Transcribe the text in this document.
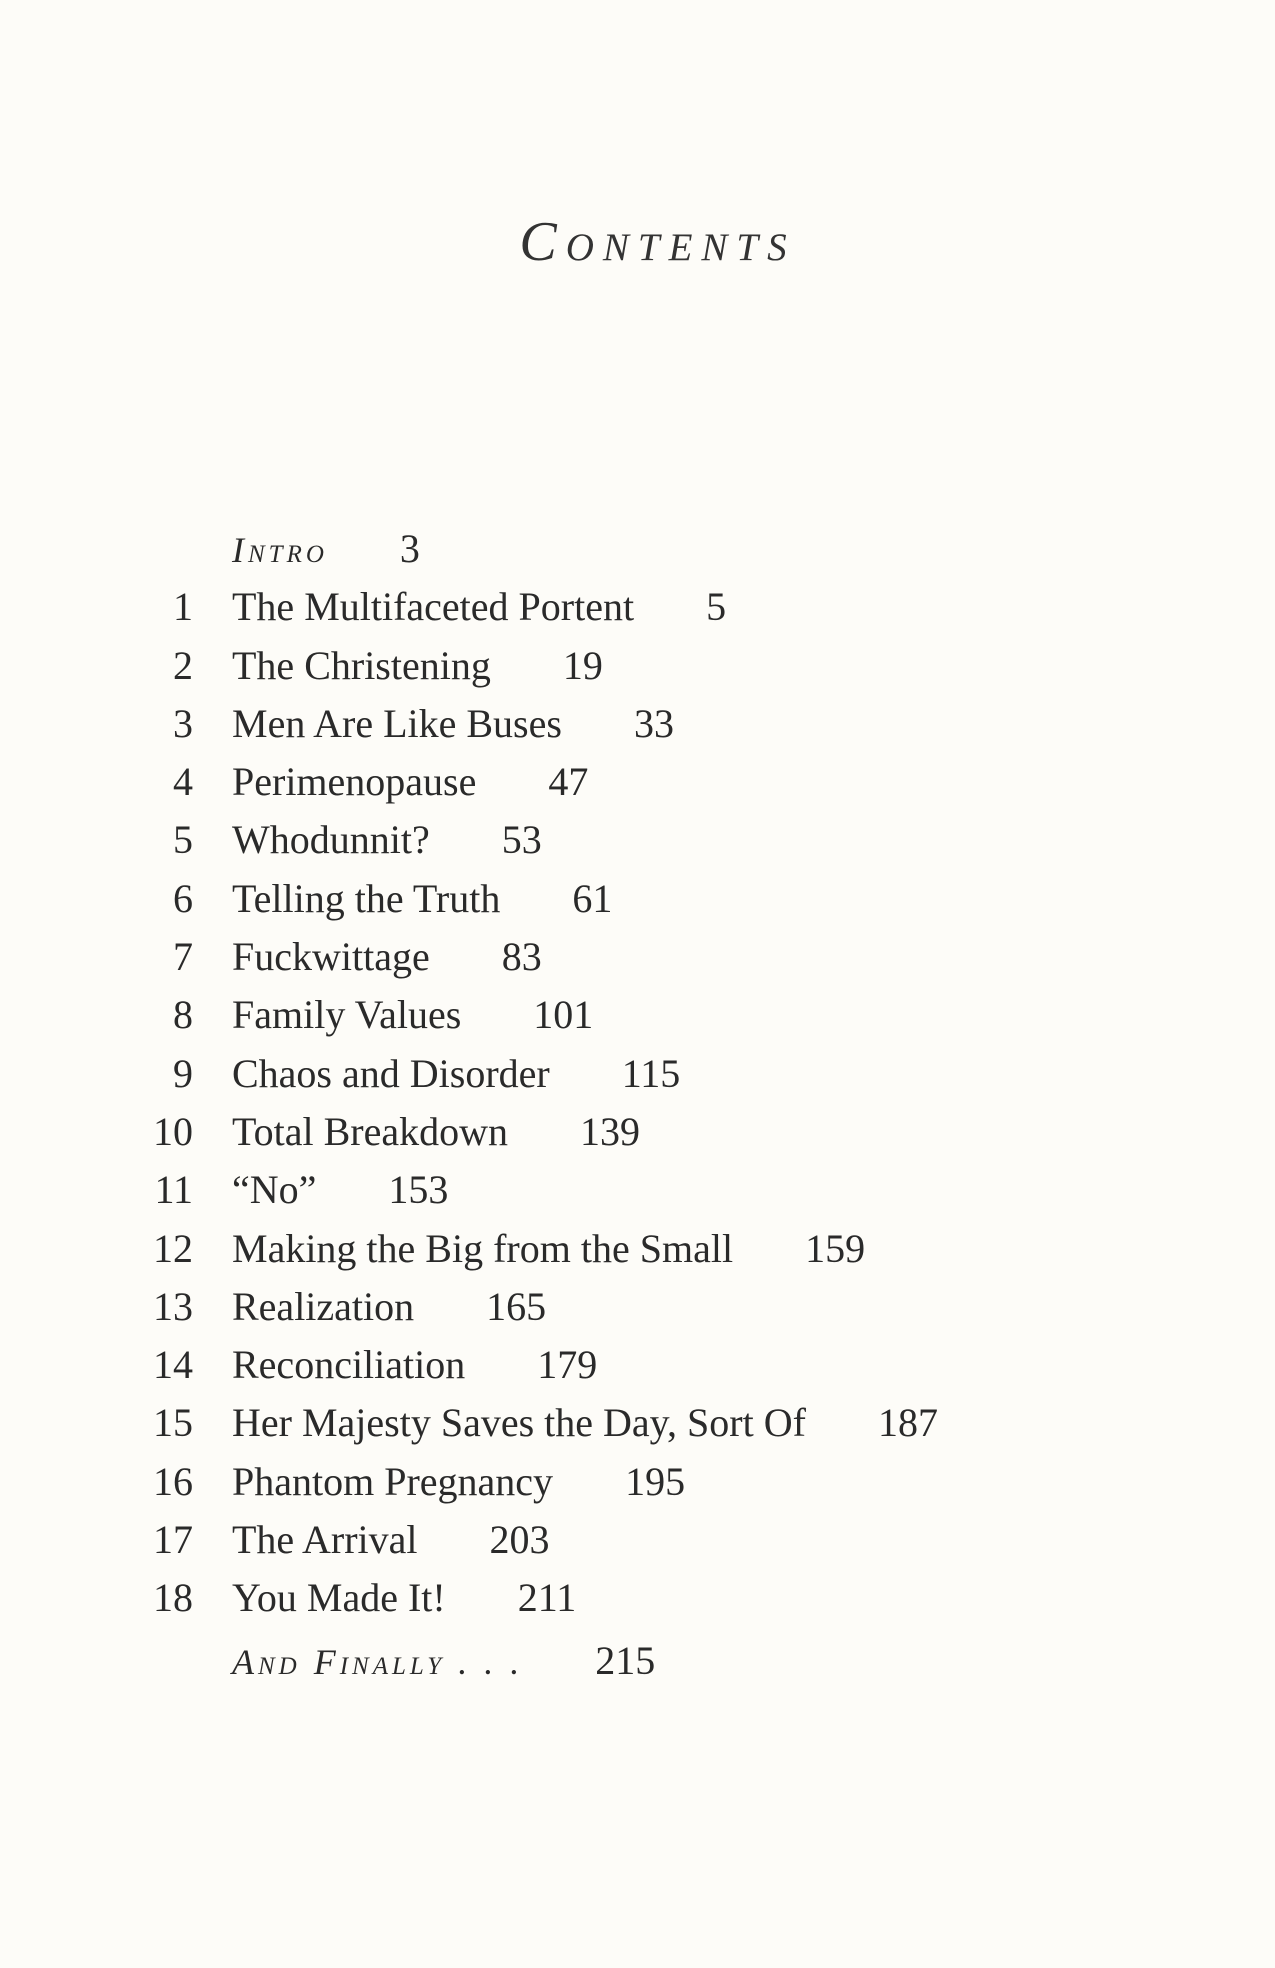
Contents
Intro 3
1 The Multifaceted Portent 5
2 The Christening 19
3 Men Are Like Buses 33
4 Perimenopause 47
5 Whodunnit? 53
6 Telling the Truth 61
7 Fuckwittage 83
8 Family Values 101
9 Chaos and Disorder 115
10 Total Breakdown 139
11 “No” 153
12 Making the Big from the Small 159
13 Realization 165
14 Reconciliation 179
15 Her Majesty Saves the Day, Sort Of 187
16 Phantom Pregnancy 195
17 The Arrival 203
18 You Made It! 211
And Finally . . . 215
